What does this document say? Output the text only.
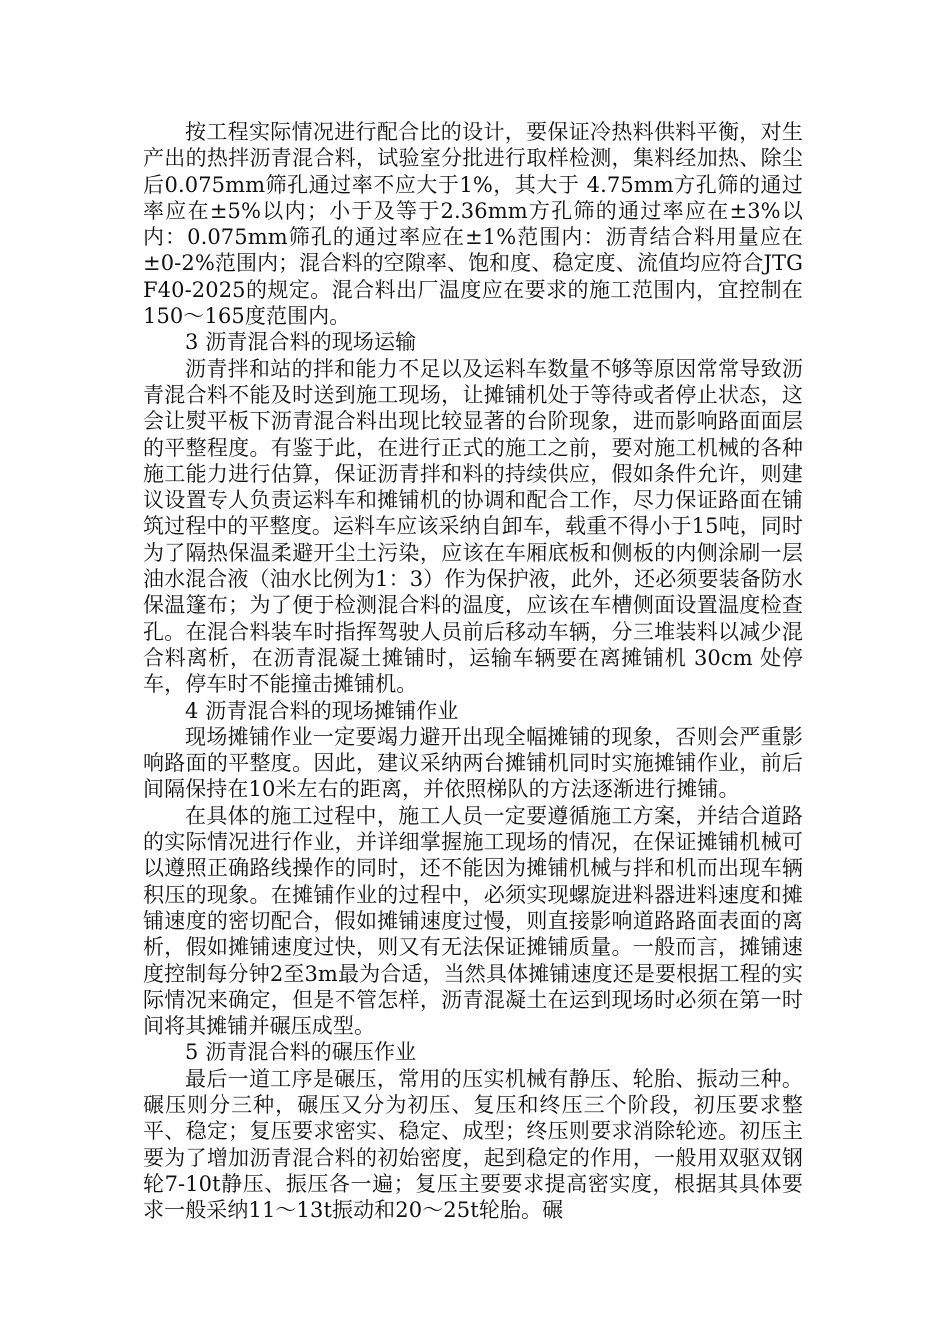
按工程实际情况进行配合比的设计，要保证冷热料供料平衡，对生产出的热拌沥青混合料，试验室分批进行取样检测，集料经加热、除尘后0.075mm筛孔通过率不应大于1%，其大于 4.75mm方孔筛的通过率应在±5%以内；小于及等于2.36mm方孔筛的通过率应在±3%以内：0.075mm筛孔的通过率应在±1%范围内：沥青结合料用量应在±0-2%范围内；混合料的空隙率、饱和度、稳定度、流值均应符合JTG F40-2025的规定。混合料出厂温度应在要求的施工范围内，宜控制在150～165度范围内。

3 沥青混合料的现场运输

沥青拌和站的拌和能力不足以及运料车数量不够等原因常常导致沥青混合料不能及时送到施工现场，让摊铺机处于等待或者停止状态，这会让熨平板下沥青混合料出现比较显著的台阶现象，进而影响路面面层的平整程度。有鉴于此，在进行正式的施工之前，要对施工机械的各种施工能力进行估算，保证沥青拌和料的持续供应，假如条件允许，则建议设置专人负责运料车和摊铺机的协调和配合工作，尽力保证路面在铺筑过程中的平整度。运料车应该采纳自卸车，载重不得小于15吨，同时为了隔热保温柔避开尘土污染，应该在车厢底板和侧板的内侧涂刷一层油水混合液（油水比例为1：3）作为保护液，此外，还必须要装备防水保温篷布；为了便于检测混合料的温度，应该在车槽侧面设置温度检查孔。在混合料装车时指挥驾驶人员前后移动车辆，分三堆装料以减少混合料离析，在沥青混凝土摊铺时，运输车辆要在离摊铺机 30cm 处停车，停车时不能撞击摊铺机。

4 沥青混合料的现场摊铺作业

现场摊铺作业一定要竭力避开出现全幅摊铺的现象，否则会严重影响路面的平整度。因此，建议采纳两台摊铺机同时实施摊铺作业，前后间隔保持在10米左右的距离，并依照梯队的方法逐渐进行摊铺。

在具体的施工过程中，施工人员一定要遵循施工方案，并结合道路的实际情况进行作业，并详细掌握施工现场的情况，在保证摊铺机械可以遵照正确路线操作的同时，还不能因为摊铺机械与拌和机而出现车辆积压的现象。在摊铺作业的过程中，必须实现螺旋进料器进料速度和摊铺速度的密切配合，假如摊铺速度过慢，则直接影响道路路面表面的离析，假如摊铺速度过快，则又有无法保证摊铺质量。一般而言，摊铺速度控制每分钟2至3m最为合适，当然具体摊铺速度还是要根据工程的实际情况来确定，但是不管怎样，沥青混凝土在运到现场时必须在第一时间将其摊铺并碾压成型。

5 沥青混合料的碾压作业

最后一道工序是碾压，常用的压实机械有静压、轮胎、振动三种。碾压则分三种，碾压又分为初压、复压和终压三个阶段，初压要求整平、稳定；复压要求密实、稳定、成型；终压则要求消除轮迹。初压主要为了增加沥青混合料的初始密度，起到稳定的作用，一般用双驱双钢轮7-10t静压、振压各一遍；复压主要要求提高密实度，根据其具体要求一般采纳11～13t振动和20～25t轮胎。碾
